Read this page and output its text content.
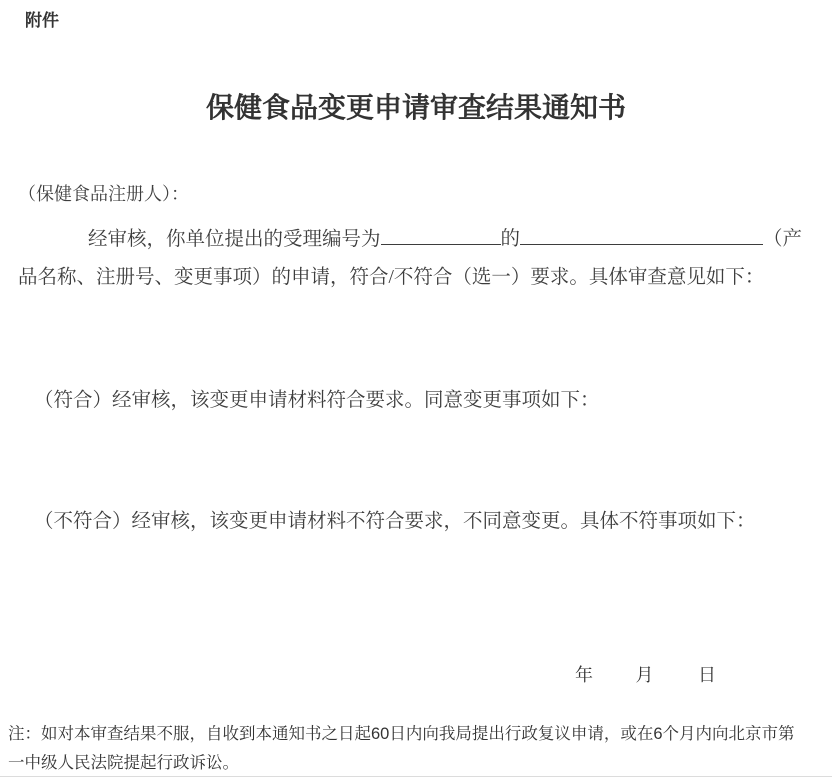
附件
保健食品变更申请审查结果通知书
（保健食品注册人）：
经审核，你单位提出的受理编号为	的	（产
品名称、注册号、变更事项）的申请，符合/不符合（选一）要求。具体审查意见如下：
（符合）经审核，该变更申请材料符合要求。同意变更事项如下：
（不符合）经审核，该变更申请材料不符合要求，不同意变更。具体不符事项如下：
年 月 日
注：如对本审查结果不服，自收到本通知书之日起60日内向我局提出行政复议申请，或在6个月内向北京市第
一中级人民法院提起行政诉讼。
